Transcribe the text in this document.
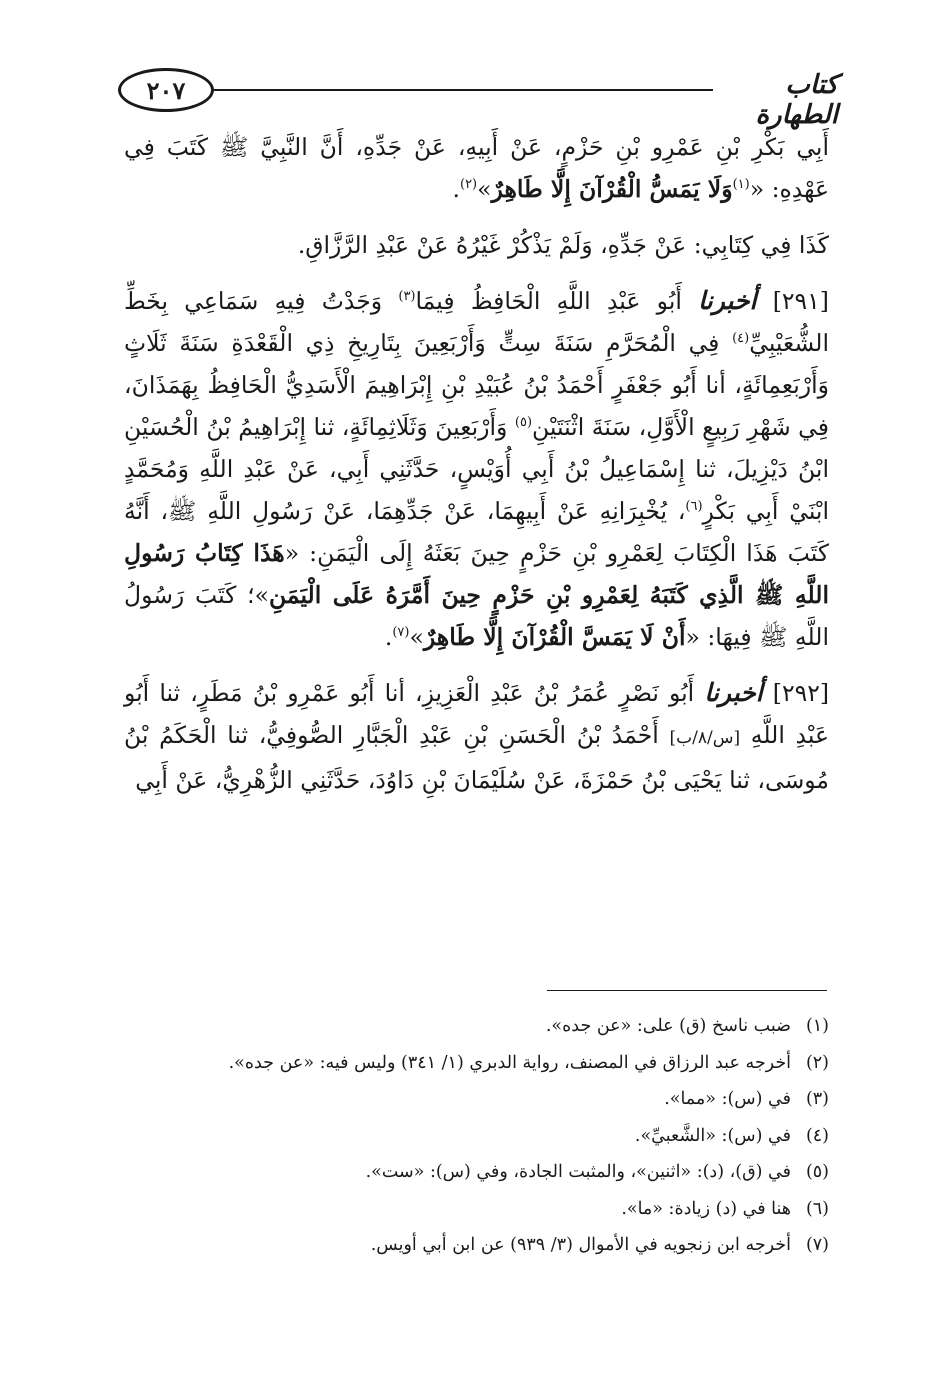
٢٠٧	كتاب الطهارة

أَبِي بَكْرِ بْنِ عَمْرِو بْنِ حَزْمٍ، عَنْ أَبِيهِ، عَنْ جَدِّهِ، أَنَّ النَّبِيَّ ﷺ كَتَبَ فِي عَهْدِهِ: «$^{(١)}$وَلَا يَمَسُّ الْقُرْآنَ إِلَّا طَاهِرٌ»$^{(٢)}$.

كَذَا فِي كِتَابِي: عَنْ جَدِّهِ، وَلَمْ يَذْكُرْ غَيْرُهُ عَنْ عَبْدِ الرَّزَّاقِ.

[٢٩١] أخبرنا أَبُو عَبْدِ اللَّهِ الْحَافِظُ فِيمَا$^{(٣)}$ وَجَدْتُ فِيهِ سَمَاعِي بِخَطِّ الشُّعَيْبِيِّ$^{(٤)}$ فِي الْمُحَرَّمِ سَنَةَ سِتٍّ وَأَرْبَعِينَ بِتَارِيخِ ذِي الْقَعْدَةِ سَنَةَ ثَلَاثٍ وَأَرْبَعِمِائَةٍ، أنا أَبُو جَعْفَرٍ أَحْمَدُ بْنُ عُبَيْدِ بْنِ إِبْرَاهِيمَ الْأَسَدِيُّ الْحَافِظُ بِهَمَذَانَ، فِي شَهْرِ رَبِيعٍ الْأَوَّلِ، سَنَةَ اثْنَتَيْنِ$^{(٥)}$ وَأَرْبَعِينَ وَثَلَاثِمِائَةٍ، ثنا إِبْرَاهِيمُ بْنُ الْحُسَيْنِ ابْنُ دَيْزِيلَ، ثنا إِسْمَاعِيلُ بْنُ أَبِي أُوَيْسٍ، حَدَّثَنِي أَبِي، عَنْ عَبْدِ اللَّهِ وَمُحَمَّدٍ ابْنَيْ أَبِي بَكْرٍ$^{(٦)}$، يُخْبِرَانِهِ عَنْ أَبِيهِمَا، عَنْ جَدِّهِمَا، عَنْ رَسُولِ اللَّهِ ﷺ، أَنَّهُ كَتَبَ هَذَا الْكِتَابَ لِعَمْرِو بْنِ حَزْمٍ حِينَ بَعَثَهُ إِلَى الْيَمَنِ: «هَذَا كِتَابُ رَسُولِ اللَّهِ ﷺ الَّذِي كَتَبَهُ لِعَمْرِو بْنِ حَزْمٍ حِينَ أَمَّرَهُ عَلَى الْيَمَنِ»؛ كَتَبَ رَسُولُ اللَّهِ ﷺ فِيهَا: «أَنْ لَا يَمَسَّ الْقُرْآنَ إِلَّا طَاهِرٌ»$^{(٧)}$.

[٢٩٢] أخبرنا أَبُو نَصْرٍ عُمَرُ بْنُ عَبْدِ الْعَزِيزِ، أنا أَبُو عَمْرِو بْنُ مَطَرٍ، ثنا أَبُو عَبْدِ اللَّهِ [س/٨/ب] أَحْمَدُ بْنُ الْحَسَنِ بْنِ عَبْدِ الْجَبَّارِ الصُّوفِيُّ، ثنا الْحَكَمُ بْنُ مُوسَى، ثنا يَحْيَى بْنُ حَمْزَةَ، عَنْ سُلَيْمَانَ بْنِ دَاوُدَ، حَدَّثَنِي الزُّهْرِيُّ، عَنْ أَبِي

(١)ضبب ناسخ (ق) على: «عن جده».
(٢)أخرجه عبد الرزاق في المصنف، رواية الدبري (١/ ٣٤١) وليس فيه: «عن جده».
(٣)في (س): «مما».
(٤)في (س): «الشَّعبيِّ».
(٥)في (ق)، (د): «اثنين»، والمثبت الجادة، وفي (س): «ست».
(٦)هنا في (د) زيادة: «ما».
(٧)أخرجه ابن زنجويه في الأموال (٣/ ٩٣٩) عن ابن أبي أويس.
